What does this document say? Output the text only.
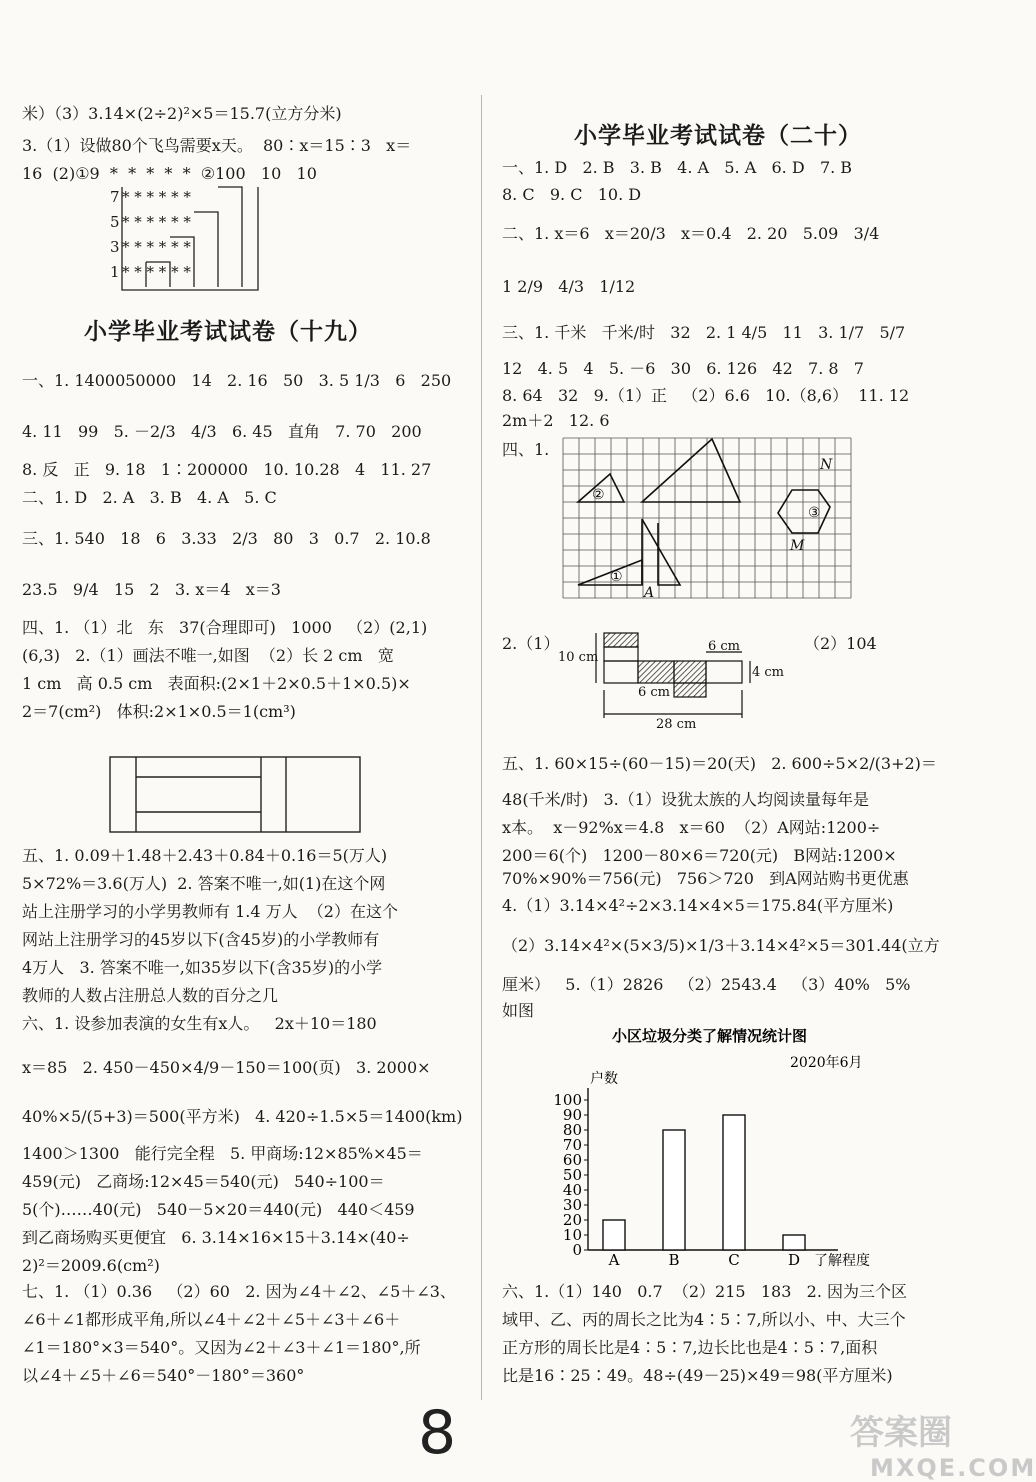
米）（3）3.14×(2÷2)²×5＝15.7(立方分米)
3.（1）设做80个飞鸟需要x天。  80∶x＝15∶3   x＝
16  (2)①9  *  *  *  *  *  ②100   10   10
7
5
3
1
* * * * * *
* * * * * *
* * * * * *
* * * * * *
小学毕业考试试卷（十九）
一、1. 1400050000   14   2. 16   50   3. 5 1/3   6   250
4. 11   99   5. －2/3   4/3   6. 45   直角   7. 70   200
8. 反   正   9. 18   1∶200000   10. 10.28   4   11. 27
二、1. D   2. A   3. B   4. A   5. C
三、1. 540   18   6   3.33   2/3   80   3   0.7   2. 10.8
23.5   9/4   15   2   3. x＝4   x＝3
四、1. （1）北   东   37(合理即可)   1000   （2）(2,1)
(6,3)   2.（1）画法不唯一,如图  （2）长 2 cm   宽
1 cm   高 0.5 cm   表面积:(2×1＋2×0.5＋1×0.5)×
2＝7(cm²)   体积:2×1×0.5＝1(cm³)
五、1. 0.09＋1.48＋2.43＋0.84＋0.16＝5(万人)
5×72%＝3.6(万人)  2. 答案不唯一,如(1)在这个网
站上注册学习的小学男教师有 1.4 万人  （2）在这个
网站上注册学习的45岁以下(含45岁)的小学教师有
4万人   3. 答案不唯一,如35岁以下(含35岁)的小学
教师的人数占注册总人数的百分之几
六、1. 设参加表演的女生有x人。   2x＋10＝180
x＝85   2. 450－450×4/9－150＝100(页)   3. 2000×
40%×5/(5+3)＝500(平方米)   4. 420÷1.5×5＝1400(km)
1400＞1300   能行完全程   5. 甲商场:12×85%×45＝
459(元)   乙商场:12×45＝540(元)   540÷100＝
5(个)……40(元)   540－5×20＝440(元)   440＜459
到乙商场购买更便宜   6. 3.14×16×15＋3.14×(40÷
2)²＝2009.6(cm²)
七、1. （1）0.36   （2）60   2. 因为∠4＋∠2、∠5＋∠3、
∠6＋∠1都形成平角,所以∠4＋∠2＋∠5＋∠3＋∠6＋
∠1＝180°×3＝540°。又因为∠2＋∠3＋∠1＝180°,所
以∠4＋∠5＋∠6＝540°－180°＝360°
小学毕业考试试卷（二十）
一、1. D   2. B   3. B   4. A   5. A   6. D   7. B
8. C   9. C   10. D
二、1. x＝6   x＝20/3   x＝0.4   2. 20   5.09   3/4
1 2/9   4/3   1/12
三、1. 千米   千米/时   32   2. 1 4/5   11   3. 1/7   5/7
12   4. 5   4   5. －6   30   6. 126   42   7. 8   7
8. 64   32   9.（1）正   （2）6.6   10.（8,6）  11. 12
2m＋2   12. 6
四、1.
N
M
A
①
②
③
2.（1）	（2）104
10 cm
6 cm
4 cm
6 cm
28 cm
五、1. 60×15÷(60－15)＝20(天)   2. 600÷5×2/(3+2)＝
48(千米/时)   3.（1）设犹太族的人均阅读量每年是
x本。  x－92%x＝4.8   x＝60  （2）A网站:1200÷
200＝6(个)   1200－80×6＝720(元)   B网站:1200×
70%×90%＝756(元)   756＞720   到A网站购书更优惠
4.（1）3.14×4²÷2×3.14×4×5＝175.84(平方厘米)
（2）3.14×4²×(5×3/5)×1/3＋3.14×4²×5＝301.44(立方
厘米）   5.（1）2826   （2）2543.4   （3）40%   5%
如图
小区垃圾分类了解情况统计图
2020年6月
户数
了解程度
0
10
20
30
40
50
60
70
80
90
100
A	B	C	D
六、1.（1）140   0.7  （2）215   183   2. 因为三个区
域甲、乙、丙的周长之比为4∶5∶7,所以小、中、大三个
正方形的周长比是4∶5∶7,边长比也是4∶5∶7,面积
比是16∶25∶49。48÷(49－25)×49＝98(平方厘米)
8	答案圈
MXQE.COM
